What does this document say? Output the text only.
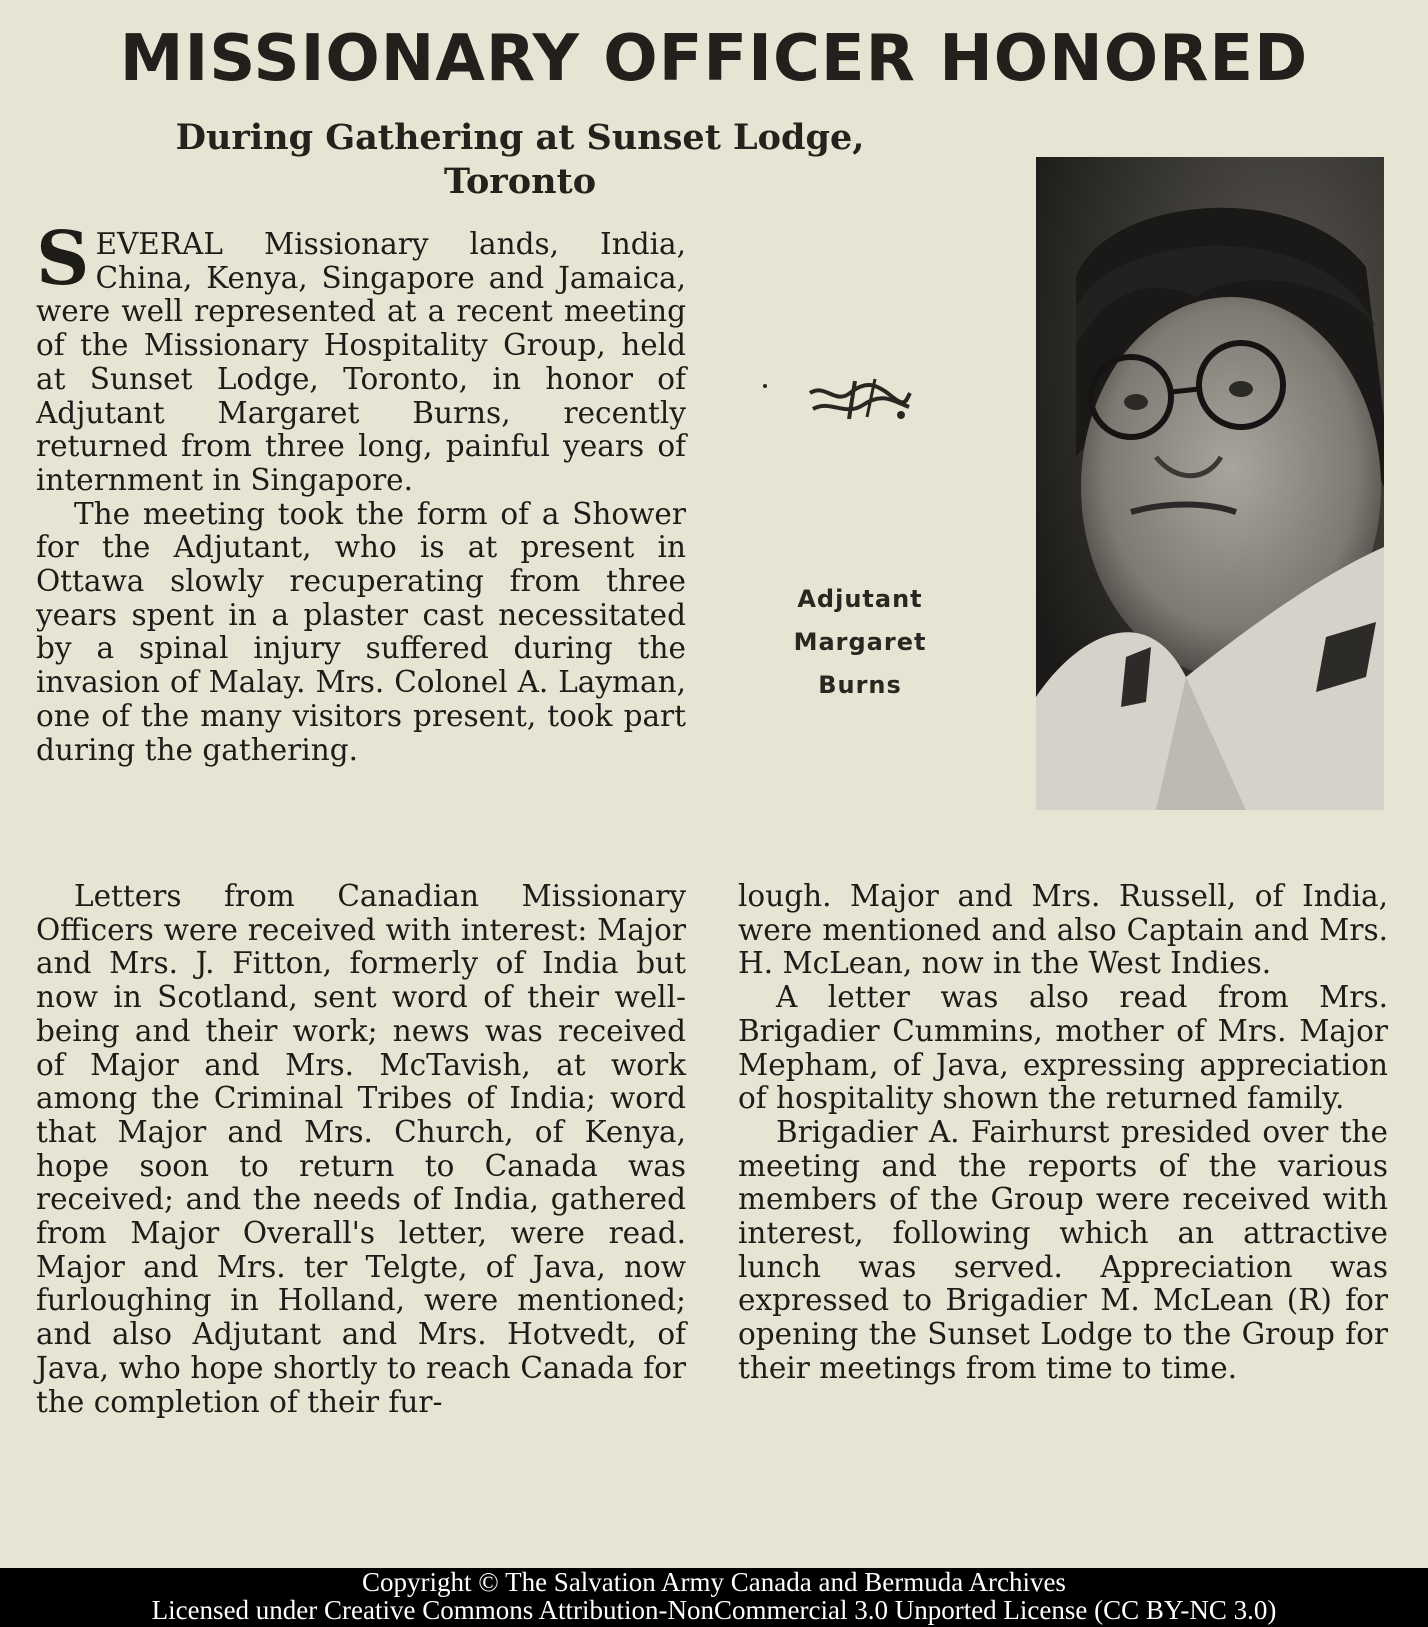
MISSIONARY OFFICER HONORED
During Gathering at Sunset Lodge, Toronto

SEVERAL Missionary lands, India, China, Kenya, Singapore and Jamaica, were well represented at a recent meeting of the Missionary Hospitality Group, held at Sunset Lodge, Toronto, in honor of Adjutant Margaret Burns, recently returned from three long, painful years of internment in Singapore.

The meeting took the form of a Shower for the Adjutant, who is at present in Ottawa slowly recuperating from three years spent in a plaster cast necessitated by a spinal injury suffered during the invasion of Malay. Mrs. Colonel A. Layman, one of the many visitors present, took part during the gathering.

Letters from Canadian Missionary Officers were received with interest: Major and Mrs. J. Fitton, formerly of India but now in Scotland, sent word of their well-being and their work; news was received of Major and Mrs. McTavish, at work among the Criminal Tribes of India; word that Major and Mrs. Church, of Kenya, hope soon to return to Canada was received; and the needs of India, gathered from Major Overall's letter, were read. Major and Mrs. ter Telgte, of Java, now furloughing in Holland, were mentioned; and also Adjutant and Mrs. Hotvedt, of Java, who hope shortly to reach Canada for the completion of their fur-

lough. Major and Mrs. Russell, of India, were mentioned and also Captain and Mrs. H. McLean, now in the West Indies.

A letter was also read from Mrs. Brigadier Cummins, mother of Mrs. Major Mepham, of Java, expressing appreciation of hospitality shown the returned family.

Brigadier A. Fairhurst presided over the meeting and the reports of the various members of the Group were received with interest, following which an attractive lunch was served. Appreciation was expressed to Brigadier M. McLean (R) for opening the Sunset Lodge to the Group for their meetings from time to time.

Adjutant
Margaret
Burns
Copyright © The Salvation Army Canada and Bermuda Archives
Licensed under Creative Commons Attribution-NonCommercial 3.0 Unported License (CC BY-NC 3.0)
